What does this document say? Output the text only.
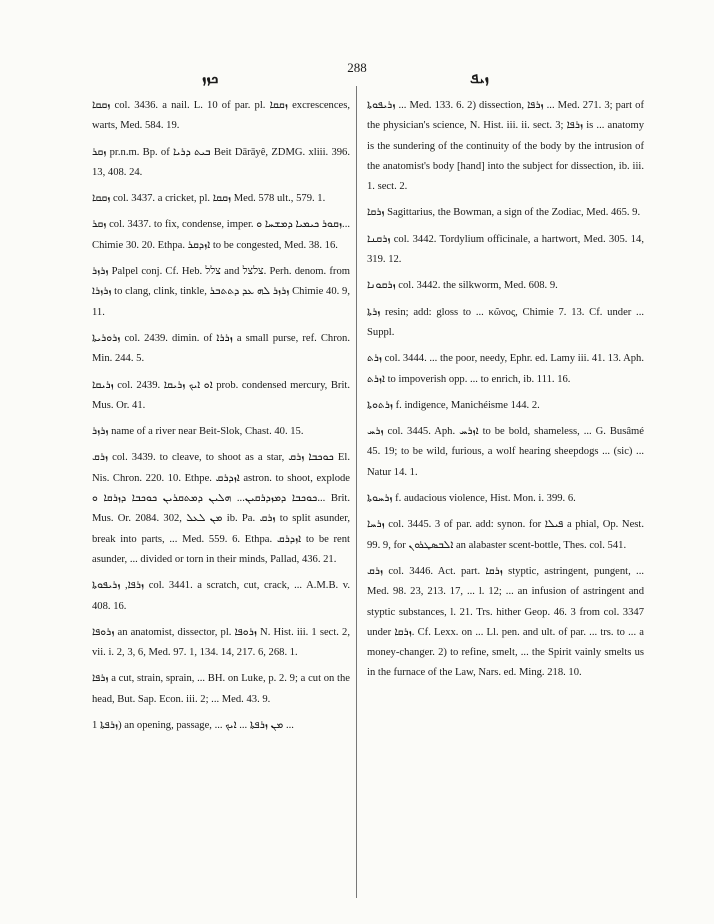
ܟܙܙ
288
ܙܝܦ

ܙܩܩܐ col. 3436. a nail. L. 10 of par. pl. ܙܩܩܐ excrescences, warts, Med. 584. 19.

ܙܩܪ pr.n.m. Bp. of ܒܝܬ ܕܪܝܐ Beit Dārāyê, ZDMG. xliii. 396. 13, 408. 24.

ܙܩܩܐ col. 3437. a cricket, pl. ܙܩܩܐ Med. 578 ult., 579. 1.

ܙܩܪ col. 3437. to fix, condense, imper. ܙܩܘܪ ܟܝܡܝܐ ܕܡܫܚܐ ܘ... Chimie 30. 20. Ethpa. ܐܙܕܩܪ to be congested, Med. 38. 16.

ܙܪܙܪ Palpel conj. Cf. Heb. צלל and צלצל. Perh. denom. from ܙܪܙܪܐ to clang, clink, tinkle, ܙܪܙܪ ܠܗ ܥܕ ܕܬܬܒܪ Chimie 40. 9, 11.

ܙܪܘܪܝܬܐ col. 2439. dimin. of ܙܪܪܐ a small purse, ref. Chron. Min. 244. 5.

ܙܪܝܩܐ col. 2439. ܐܘ ܐܝܟ ܙܪܝܩܐ prob. condensed mercury, Brit. Mus. Or. 41.

ܙܪܙܪ name of a river near Beit-Slok, Chast. 40. 15.

ܙܪܩ col. 3439. to cleave, to shoot as a star, ܟܘܟܒܐ ܙܪܩ El. Nis. Chron. 220. 10. Ethpe. ܐܙܕܪܩ astron. to shoot, explode ܟܘܟܒܐ ܕܡܙܕܪܩܝܢ... ܗܠܝܢ ܕܡܬܩܪܝܢ ܟܘܟܒܐ ܕܙܪܩܐ ܘ... Brit. Mus. Or. 2084. 302, ܡܢ ܠܥܠ ib. Pa. ܙܪܩ to split asunder, break into parts, ... Med. 559. 6. Ethpa. ܐܙܕܪܩ to be rent asunder, ... divided or torn in their minds, Pallad, 436. 21.

ܙܪܦܐ, ܙܪܝܦܘܬܐ col. 3441. a scratch, cut, crack, ... A.M.B. v. 408. 16.

ܙܪܘܦܐ an anatomist, dissector, pl. ܙܪܘܦܐ N. Hist. iii. 1 sect. 2, vii. i. 2, 3, 6, Med. 97. 1, 134. 14, 217. 6, 268. 1.

ܙܪܦܐ a cut, strain, sprain, ... BH. on Luke, p. 2. 9; a cut on the head, But. Sap. Econ. iii. 2; ... Med. 43. 9.

ܙܪܦܬܐ 1) an opening, passage, ... ܡܢ ܙܪܦܬܐ ... ܐܝܟ ...

ܙܪܝܦܘܬܐ ... Med. 133. 6. 2) dissection, ܙܪܦܐ ... Med. 271. 3; part of the physician's science, N. Hist. iii. ii. sect. 3; ܙܪܦܐ is ... anatomy is the sundering of the continuity of the body by the intrusion of the anatomist's body [hand] into the subject for dissection, ib. iii. 1. sect. 2.

ܙܪܩܐ Sagittarius, the Bowman, a sign of the Zodiac, Med. 465. 9.

ܙܪܩܢܐ col. 3442. Tordylium officinale, a hartwort, Med. 305. 14, 319. 12.

ܙܪܩܘܢܐ col. 3442. the silkworm, Med. 608. 9.

ܙܪܬܐ resin; add: gloss to ... κῶνος, Chimie 7. 13. Cf. under ... Suppl.

ܙܪܬ col. 3444. ... the poor, needy, Ephr. ed. Lamy iii. 41. 13. Aph. ܐܙܪܬ to impoverish opp. ... to enrich, ib. 111. 16.

ܙܪܬܘܬܐ f. indigence, Manichéisme 144. 2.

ܙܪܚ col. 3445. Aph. ܐܙܪܚ to be bold, shameless, ... G. Busâmé 45. 19; to be wild, furious, a wolf hearing sheepdogs ... (sic) ... Natur 14. 1.

ܙܪܚܘܬܐ f. audacious violence, Hist. Mon. i. 399. 6.

ܙܪܚܐ col. 3445. 3 of par. add: synon. for ܦܝܠܐ a phial, Op. Nest. 99. 9, for ܐܠܒܣܛܪܘܢ an alabaster scent-bottle, Thes. col. 541.

ܙܪܩ col. 3446. Act. part. ܙܪܩܐ styptic, astringent, pungent, ... Med. 98. 23, 213. 17, ... l. 12; ... an infusion of astringent and styptic substances, l. 21. Trs. hither Geop. 46. 3 from col. 3347 under ܙܪܩܐ. Cf. Lexx. on ... Ll. pen. and ult. of par. ... trs. to ... a money-changer. 2) to refine, smelt, ... the Spirit vainly smelts us in the furnace of the Law, Nars. ed. Ming. 218. 10.
